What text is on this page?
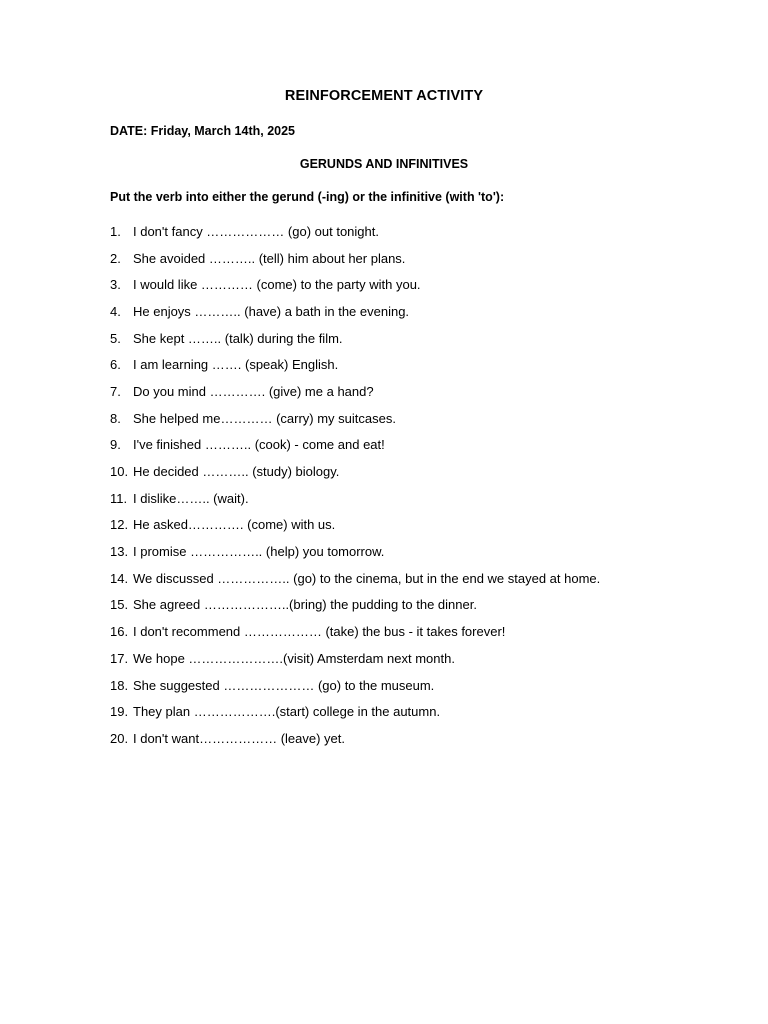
REINFORCEMENT ACTIVITY
DATE: Friday, March 14th, 2025
GERUNDS AND INFINITIVES
Put the verb into either the gerund (-ing) or the infinitive (with 'to'):
1. I don't fancy ……………… (go) out tonight.
2. She avoided ……….. (tell) him about her plans.
3. I would like ………… (come) to the party with you.
4. He enjoys ……….. (have) a bath in the evening.
5. She kept …….. (talk) during the film.
6. I am learning ……. (speak) English.
7. Do you mind …………. (give) me a hand?
8. She helped me………… (carry) my suitcases.
9. I've finished ……….. (cook) - come and eat!
10. He decided ……….. (study) biology.
11. I dislike…….. (wait).
12. He asked…………. (come) with us.
13. I promise …………….. (help) you tomorrow.
14. We discussed …………….. (go) to the cinema, but in the end we stayed at home.
15. She agreed ………………..(bring) the pudding to the dinner.
16. I don't recommend ……………… (take) the bus - it takes forever!
17. We hope ………………….(visit) Amsterdam next month.
18. She suggested ………………… (go) to the museum.
19. They plan ……………….(start) college in the autumn.
20. I don't want……………… (leave) yet.
